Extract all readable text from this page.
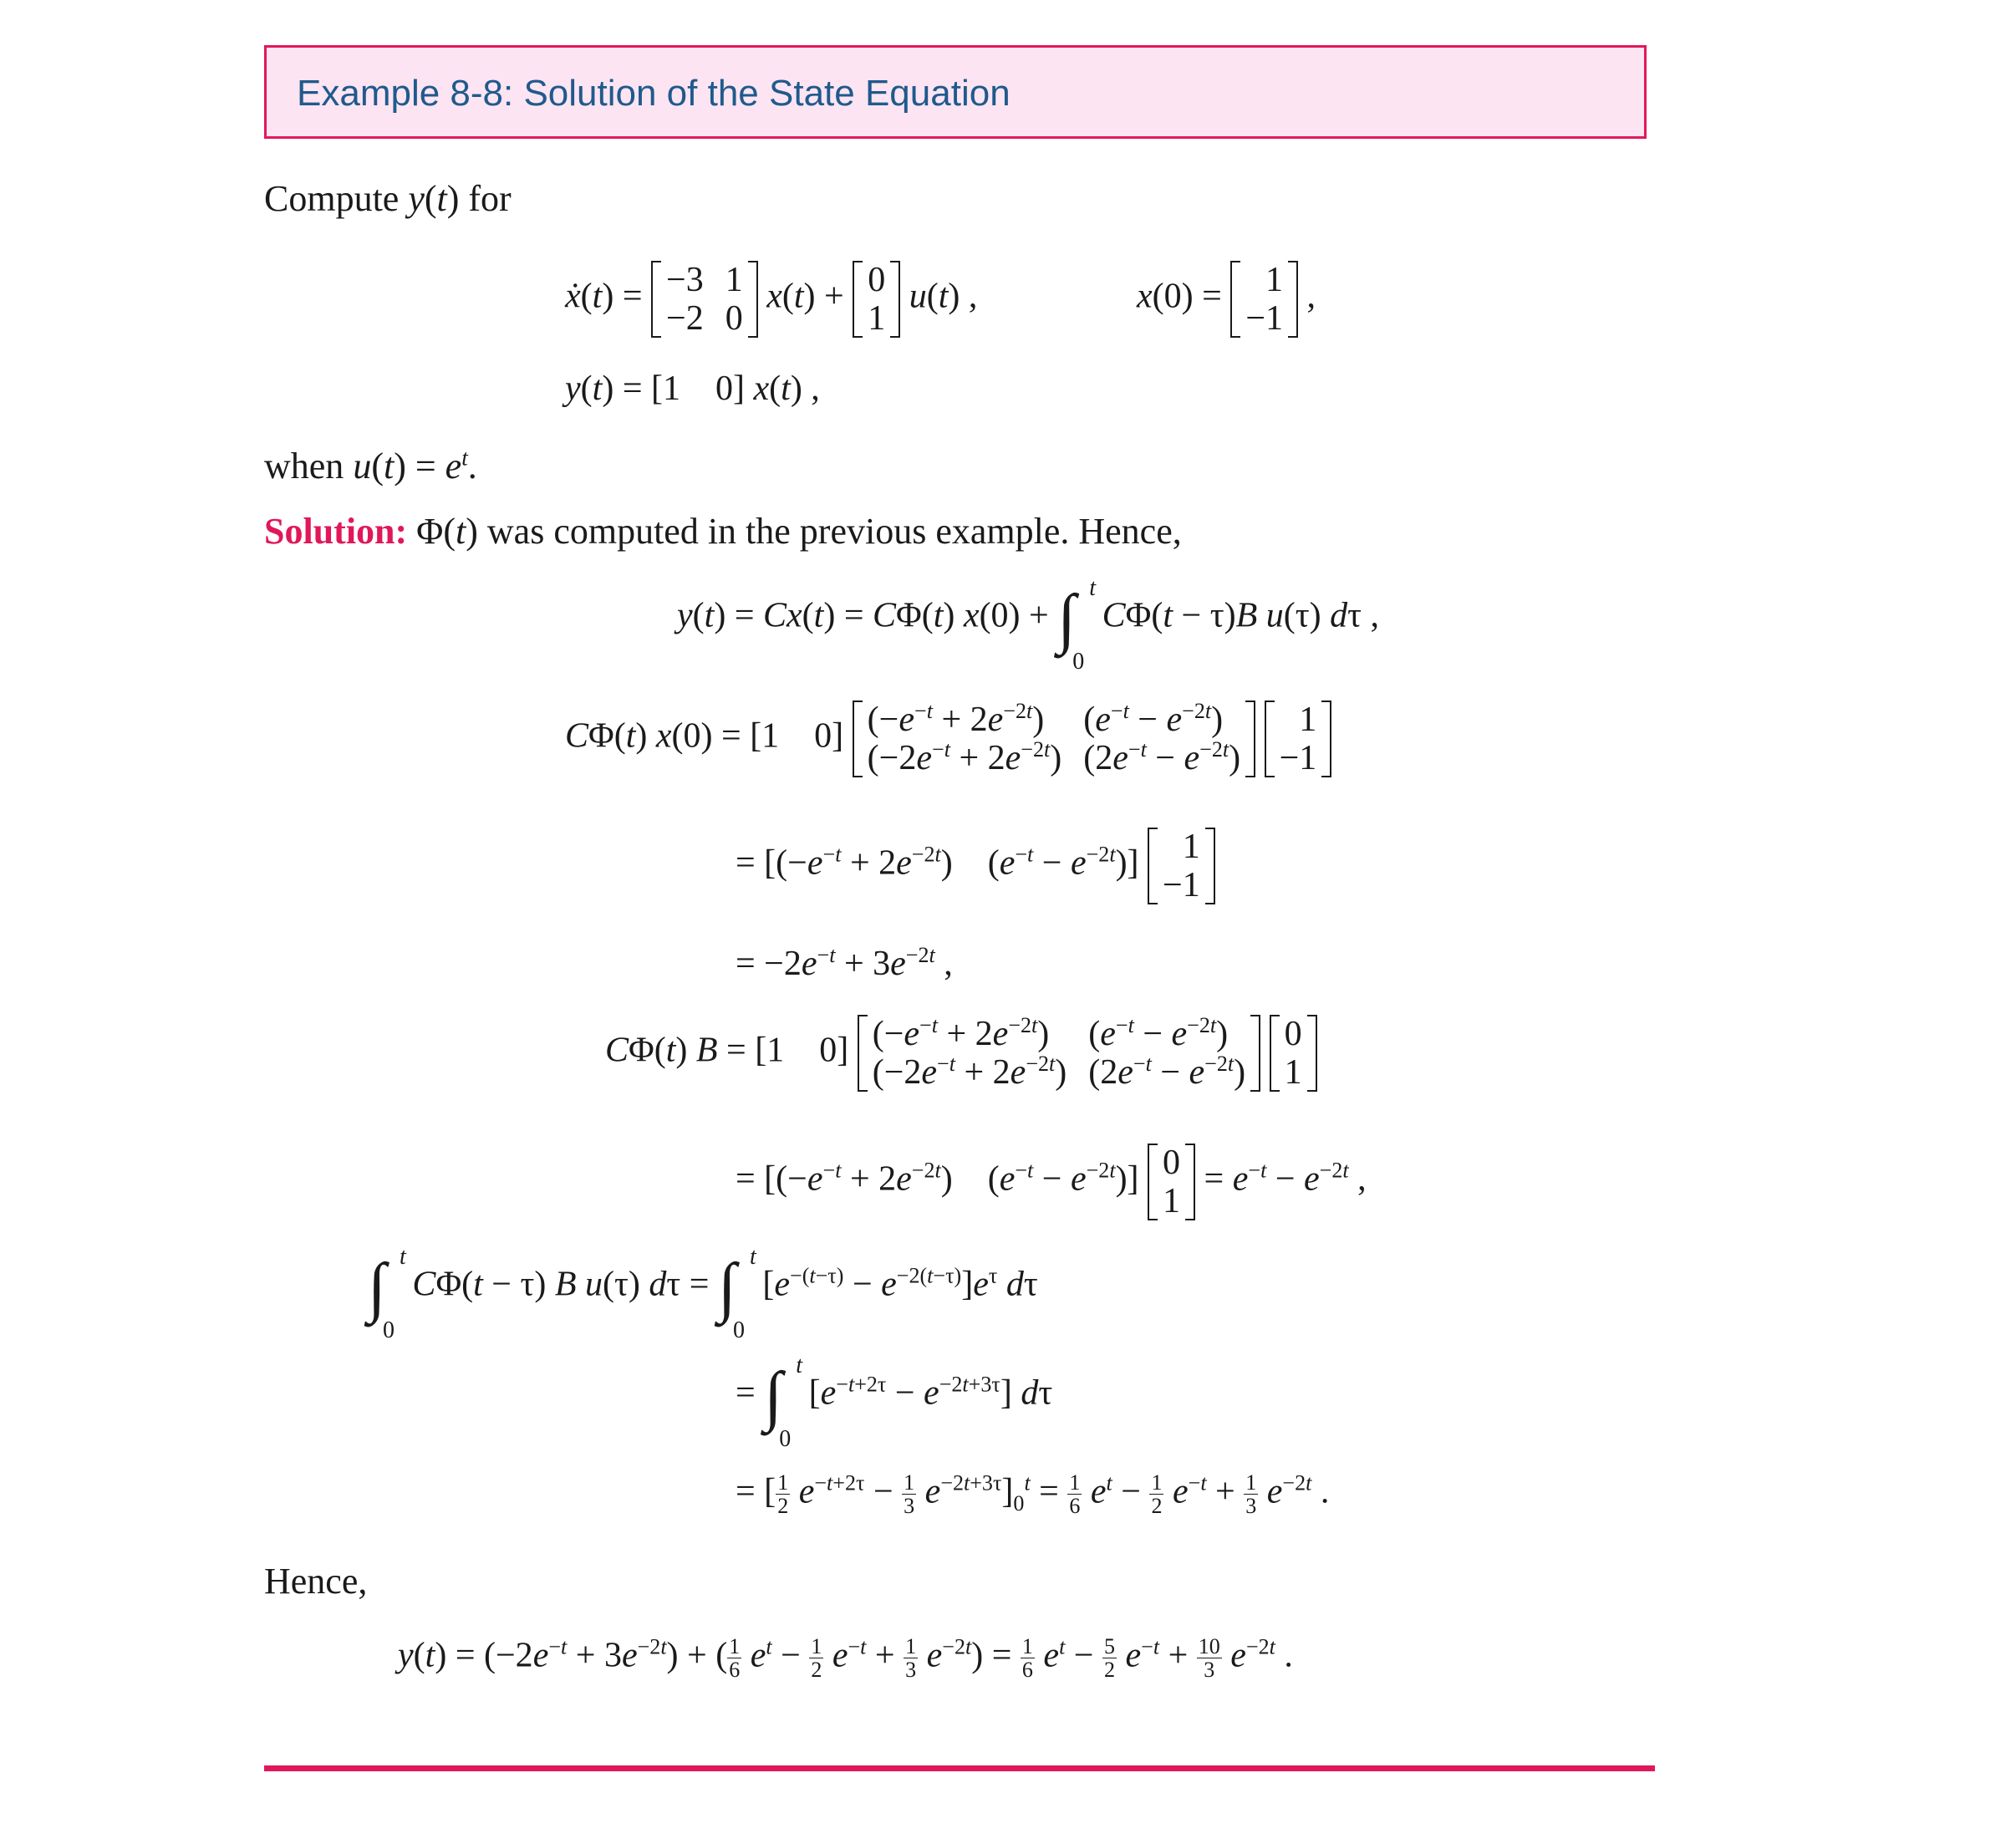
Example 8-8: Solution of the State Equation
Compute y(t) for
ẋ(t) = −3 1
−2 0
x(t) + 0
1
u(t) ,	x(0) = 1
−1
,
y(t) = [1    0] x(t) ,
when $u(t) = e^t$.
Solution: Φ(t) was computed in the previous example. Hence,
y(t) = Cx(t) = CΦ(t) x(0) + ∫ t
0
CΦ(t − τ)B u(τ) dτ ,
CΦ(t) x(0) = [1    0] $(-e^{-t} + 2e^{-2t})$	$(e^{-t} - e^{-2t})$
$(-2e^{-t} + 2e^{-2t}) (2e^{-t} - e^{-2t})$

1
−1
= [$(-e^{-t} + 2e^{-2t})$    $(e^{-t} - e^{-2t})$] 1
−1
= $-2e^{-t} + 3e^{-2t}$ ,
CΦ(t) B = [1    0] $(-e^{-t} + 2e^{-2t})$	$(e^{-t} - e^{-2t})$
$(-2e^{-t} + 2e^{-2t}) (2e^{-t} - e^{-2t})$

0
1
= [$(-e^{-t} + 2e^{-2t})$    $(e^{-t} - e^{-2t})$] 0
1
= $e^{-t} - e^{-2t}$ ,
∫ t
0
CΦ(t − τ) B u(τ) dτ = ∫ t
0
$[e^{-(t-\tau)} - e^{-2(t-\tau)}]e^\tau$ dτ
= ∫ t
0
$[e^{-t+2\tau} - e^{-2t+3\tau}]$ dτ
= [ $\frac{1}{2} e^{-t+2\tau} - \frac{1}{3} e^{-2t+3\tau}]_0^t = \frac{1}{6} e^t - \frac{1}{2} e^{-t} + \frac{1}{3} e^{-2t}$ .
Hence,
$y(t) = (-2e^{-t} + 3e^{-2t})$ + ( $\frac{1}{6} e^t - \frac{1}{2} e^{-t} + \frac{1}{3} e^{-2t}) = \frac{1}{6} e^t - \frac{5}{2} e^{-t} + \frac{10}{3} e^{-2t}$ .
